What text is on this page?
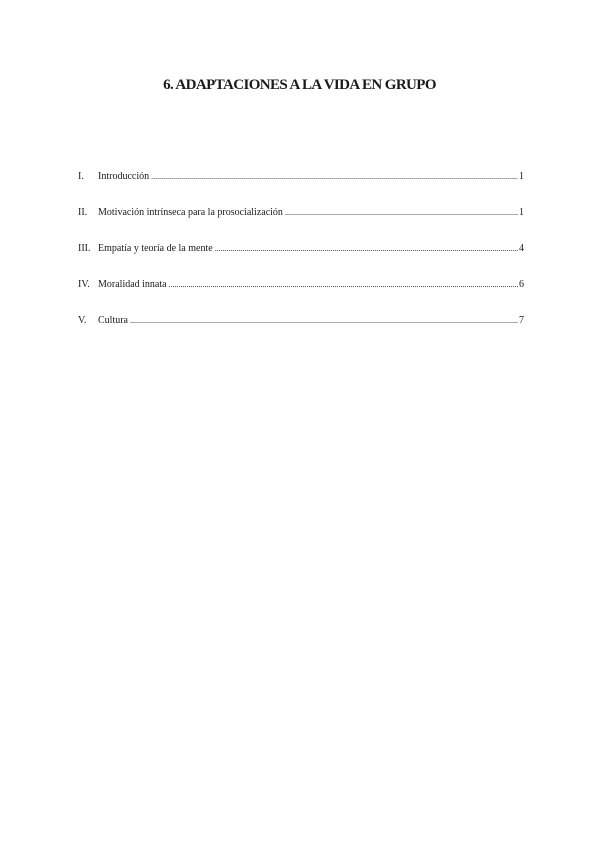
6. ADAPTACIONES A LA VIDA EN GRUPO
I.	Introducción .....	1
II.	Motivación intrínseca para la prosocialización .....	1
III. Empatía y teoría de la mente .....	4
IV. Moralidad innata .....	6
V.	Cultura .....	7
